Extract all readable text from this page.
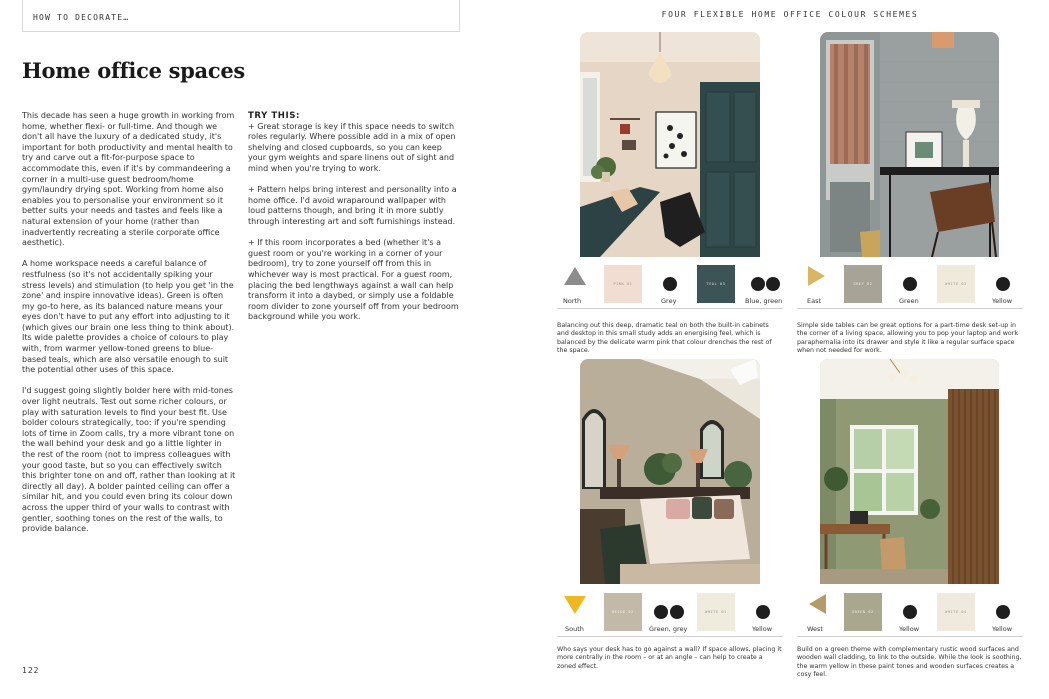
HOW TO DECORATE…
Home office spaces

This decade has seen a huge growth in working from home, whether flexi- or full-time. And though we don't all have the luxury of a dedicated study, it's important for both productivity and mental health to try and carve out a fit-for-purpose space to accommodate this, even if it's by commandeering a corner in a multi-use guest bedroom/home gym/laundry drying spot. Working from home also enables you to personalise your environment so it better suits your needs and tastes and feels like a natural extension of your home (rather than inadvertently recreating a sterile corporate office aesthetic).

A home workspace needs a careful balance of restfulness (so it's not accidentally spiking your stress levels) and stimulation (to help you get 'in the zone' and inspire innovative ideas). Green is often my go-to here, as its balanced nature means your eyes don't have to put any effort into adjusting to it (which gives our brain one less thing to think about). Its wide palette provides a choice of colours to play with, from warmer yellow-toned greens to blue-based teals, which are also versatile enough to suit the potential other uses of this space.

I'd suggest going slightly bolder here with mid-tones over light neutrals. Test out some richer colours, or play with saturation levels to find your best fit. Use bolder colours strategically, too: if you're spending lots of time in Zoom calls, try a more vibrant tone on the wall behind your desk and go a little lighter in the rest of the room (not to impress colleagues with your good taste, but so you can effectively switch this brighter tone on and off, rather than looking at it directly all day). A bolder painted ceiling can offer a similar hit, and you could even bring its colour down across the upper third of your walls to contrast with gentler, soothing tones on the rest of the walls, to provide balance.

TRY THIS:

+ Great storage is key if this space needs to switch roles regularly. Where possible add in a mix of open shelving and closed cupboards, so you can keep your gym weights and spare linens out of sight and mind when you're trying to work.

+ Pattern helps bring interest and personality into a home office. I'd avoid wraparound wallpaper with loud patterns though, and bring it in more subtly through interesting art and soft furnishings instead.

+ If this room incorporates a bed (whether it's a guest room or you're working in a corner of your bedroom), try to zone yourself off from this in whichever way is most practical. For a guest room, placing the bed lengthways against a wall can help transform it into a daybed, or simply use a foldable room divider to zone yourself off from your bedroom background while you work.

122
FOUR FLEXIBLE HOME OFFICE COLOUR SCHEMES
North
PINK 01
Grey
TEAL 03
Blue, green
Balancing out this deep, dramatic teal on both the built-in cabinets and desktop in this small study adds an energising feel, which is balanced by the delicate warm pink that colour drenches the rest of the space.
East
GREY 02
Green
WHITE 03
Yellow
Simple side tables can be great options for a part-time desk set-up in the corner of a living space, allowing you to pop your laptop and work paraphernalia into its drawer and style it like a regular surface space when not needed for work.
South
BEIGE 02
Green, grey
WHITE 01
Yellow
Who says your desk has to go against a wall? If space allows, placing it more centrally in the room – or at an angle – can help to create a zoned effect.
West
GREEN 02
Yellow
WHITE 04
Yellow
Build on a green theme with complementary rustic wood surfaces and wooden wall cladding, to link to the outside. While the look is soothing, the warm yellow in these paint tones and wooden surfaces creates a cosy feel.
